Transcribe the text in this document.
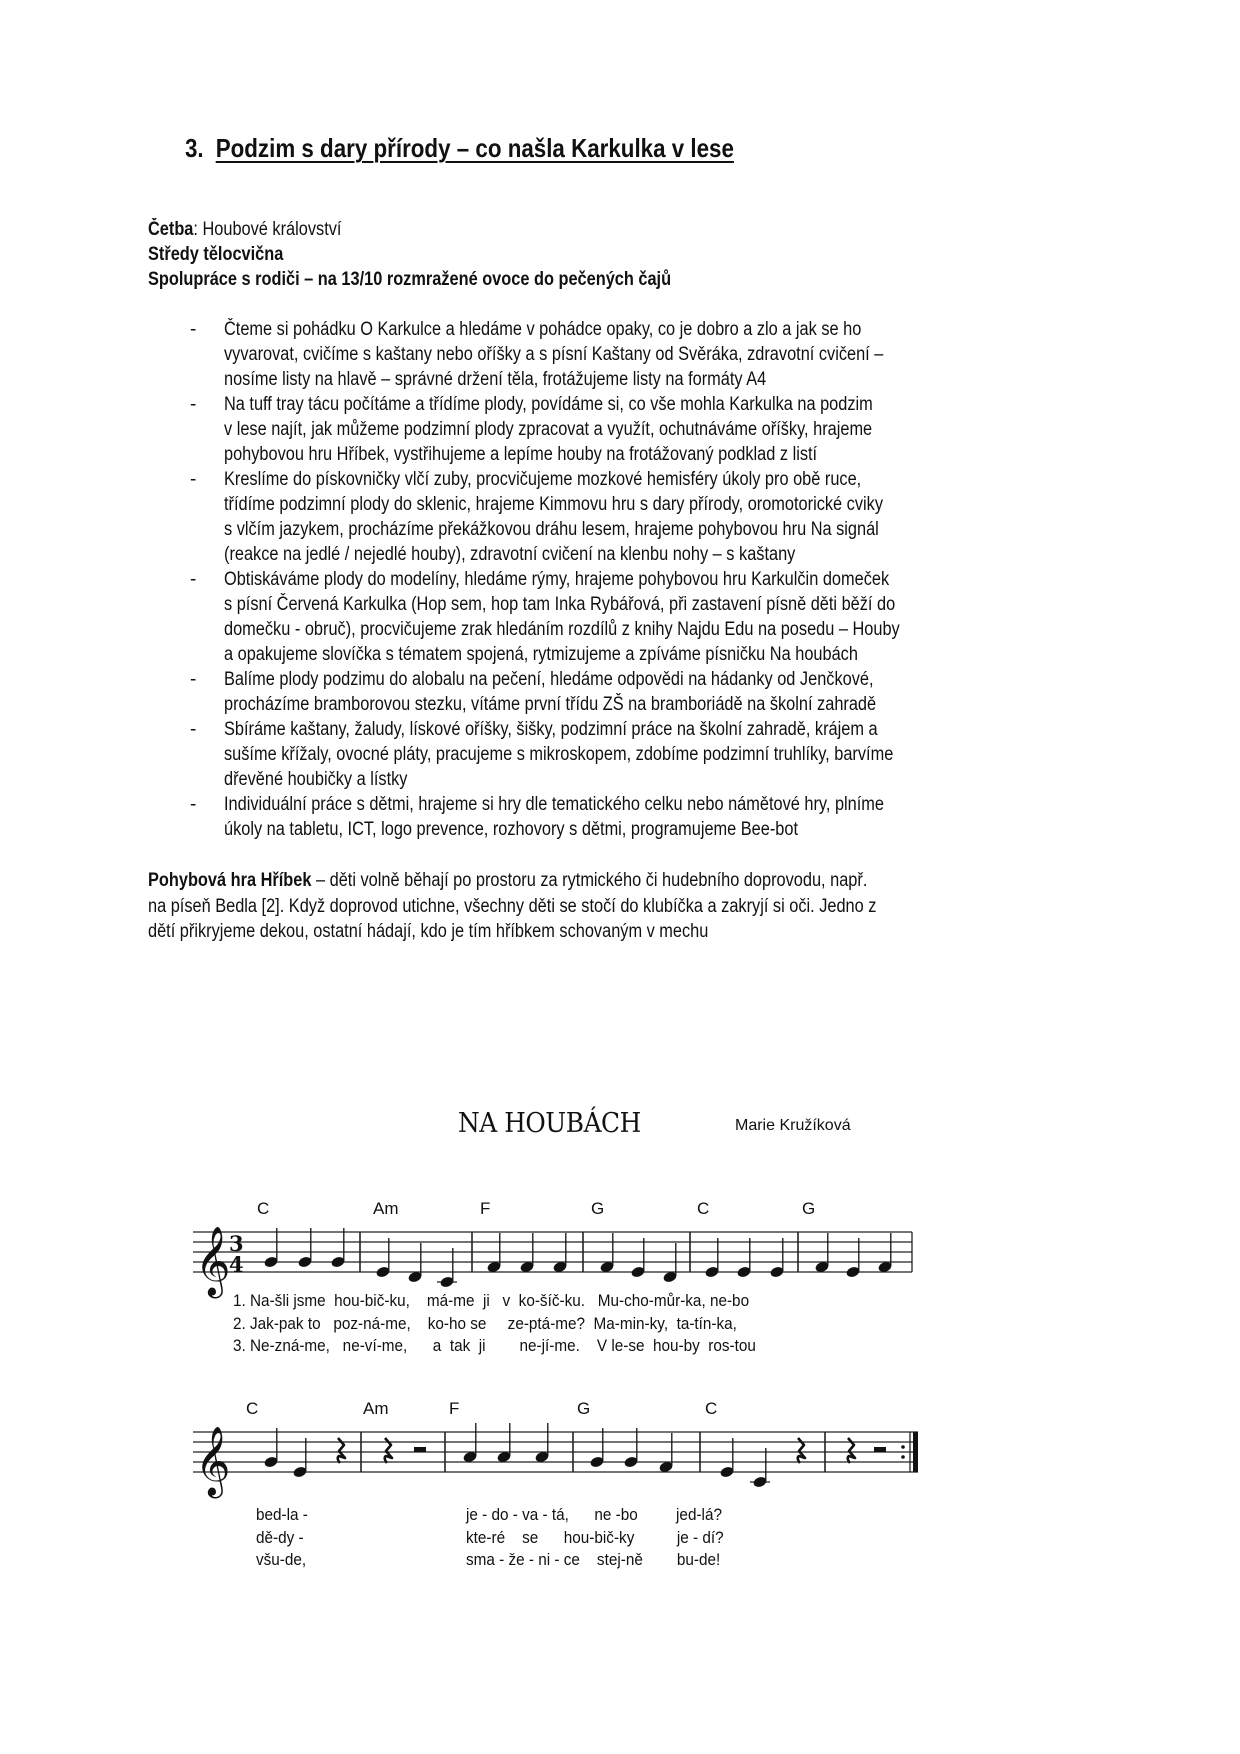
3. Podzim s dary přírody – co našla Karkulka v lese
Četba: Houbové království
Středy tělocvična
Spolupráce s rodiči – na 13/10 rozmražené ovoce do pečených čajů
- Čteme si pohádku O Karkulce a hledáme v pohádce opaky, co je dobro a zlo a jak se ho
vyvarovat, cvičíme s kaštany nebo oříšky a s písní Kaštany od Svěráka, zdravotní cvičení –
nosíme listy na hlavě – správné držení těla, frotážujeme listy na formáty A4
- Na tuff tray tácu počítáme a třídíme plody, povídáme si, co vše mohla Karkulka na podzim
v lese najít, jak můžeme podzimní plody zpracovat a využít, ochutnáváme oříšky, hrajeme
pohybovou hru Hříbek, vystřihujeme a lepíme houby na frotážovaný podklad z listí
- Kreslíme do pískovničky vlčí zuby, procvičujeme mozkové hemisféry úkoly pro obě ruce,
třídíme podzimní plody do sklenic, hrajeme Kimmovu hru s dary přírody, oromotorické cviky
s vlčím jazykem, procházíme překážkovou dráhu lesem, hrajeme pohybovou hru Na signál
(reakce na jedlé / nejedlé houby), zdravotní cvičení na klenbu nohy – s kaštany
- Obtiskáváme plody do modelíny, hledáme rýmy, hrajeme pohybovou hru Karkulčin domeček
s písní Červená Karkulka (Hop sem, hop tam Inka Rybářová, při zastavení písně děti běží do
domečku - obruč), procvičujeme zrak hledáním rozdílů z knihy Najdu Edu na posedu – Houby
a opakujeme slovíčka s tématem spojená, rytmizujeme a zpíváme písničku Na houbách
- Balíme plody podzimu do alobalu na pečení, hledáme odpovědi na hádanky od Jenčkové,
procházíme bramborovou stezku, vítáme první třídu ZŠ na bramboriádě na školní zahradě
- Sbíráme kaštany, žaludy, lískové oříšky, šišky, podzimní práce na školní zahradě, krájem a
sušíme křížaly, ovocné pláty, pracujeme s mikroskopem, zdobíme podzimní truhlíky, barvíme
dřevěné houbičky a lístky
- Individuální práce s dětmi, hrajeme si hry dle tematického celku nebo námětové hry, plníme
úkoly na tabletu, ICT, logo prevence, rozhovory s dětmi, programujeme Bee-bot
Pohybová hra Hříbek – děti volně běhají po prostoru za rytmického či hudebního doprovodu, např.
na píseň Bedla [2]. Když doprovod utichne, všechny děti se stočí do klubíčka a zakryjí si oči. Jedno z
dětí přikryjeme dekou, ostatní hádají, kdo je tím hříbkem schovaným v mechu
NA HOUBÁCH	Marie Kružíková
C	Am	F	G	C	G
C	Am	F	G	C
𝄞
3
4
𝄞
1. Na-šli jsme  hou-bič-ku,    má-me  ji   v  ko-šíč-ku.   Mu-cho-můr-ka, ne-bo
2. Jak-pak to   poz-ná-me,    ko-ho se     ze-ptá-me?  Ma-min-ky,  ta-tín-ka,
3. Ne-zná-me,   ne-ví-me,      a  tak  ji        ne-jí-me.    V le-se  hou-by  ros-tou
bed-la -
dě-dy -
všu-de,
je - do - va - tá,      ne -bo         jed-lá?
kte-ré    se      hou-bič-ky          je - dí?
sma - že - ni - ce    stej-ně        bu-de!
